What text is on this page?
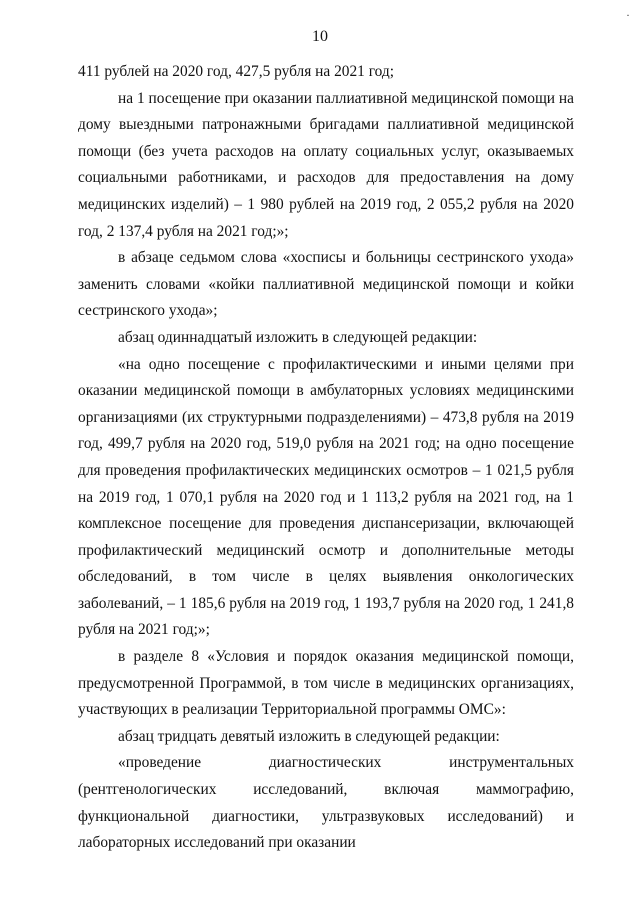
·
10

411 рублей на 2020 год, 427,5 рубля на 2021 год;

на 1 посещение при оказании паллиативной медицинской помощи на дому выездными патронажными бригадами паллиативной медицинской помощи (без учета расходов на оплату социальных услуг, оказываемых социальными работниками, и расходов для предоставления на дому медицинских изделий) – 1 980 рублей на 2019 год, 2 055,2 рубля на 2020 год, 2 137,4 рубля на 2021 год;»;

в абзаце седьмом слова «хосписы и больницы сестринского ухода» заменить словами «койки паллиативной медицинской помощи и койки сестринского ухода»;

абзац одиннадцатый изложить в следующей редакции:

«на одно посещение с профилактическими и иными целями при оказании медицинской помощи в амбулаторных условиях медицинскими организациями (их структурными подразделениями) – 473,8 рубля на 2019 год, 499,7 рубля на 2020 год, 519,0 рубля на 2021 год; на одно посещение для проведения профилактических медицинских осмотров – 1 021,5 рубля на 2019 год, 1 070,1 рубля на 2020 год и 1 113,2 рубля на 2021 год, на 1 комплексное посещение для проведения диспансеризации, включающей профилактический медицинский осмотр и дополнительные методы обследований, в том числе в целях выявления онкологических заболеваний, – 1 185,6 рубля на 2019 год, 1 193,7 рубля на 2020 год, 1 241,8 рубля на 2021 год;»;

в разделе 8 «Условия и порядок оказания медицинской помощи, предусмотренной Программой, в том числе в медицинских организациях, участвующих в реализации Территориальной программы ОМС»:

абзац тридцать девятый изложить в следующей редакции:

«проведение диагностических инструментальных (рентгенологических исследований, включая маммографию, функциональной диагностики, ультразвуковых исследований) и лабораторных исследований при оказании
